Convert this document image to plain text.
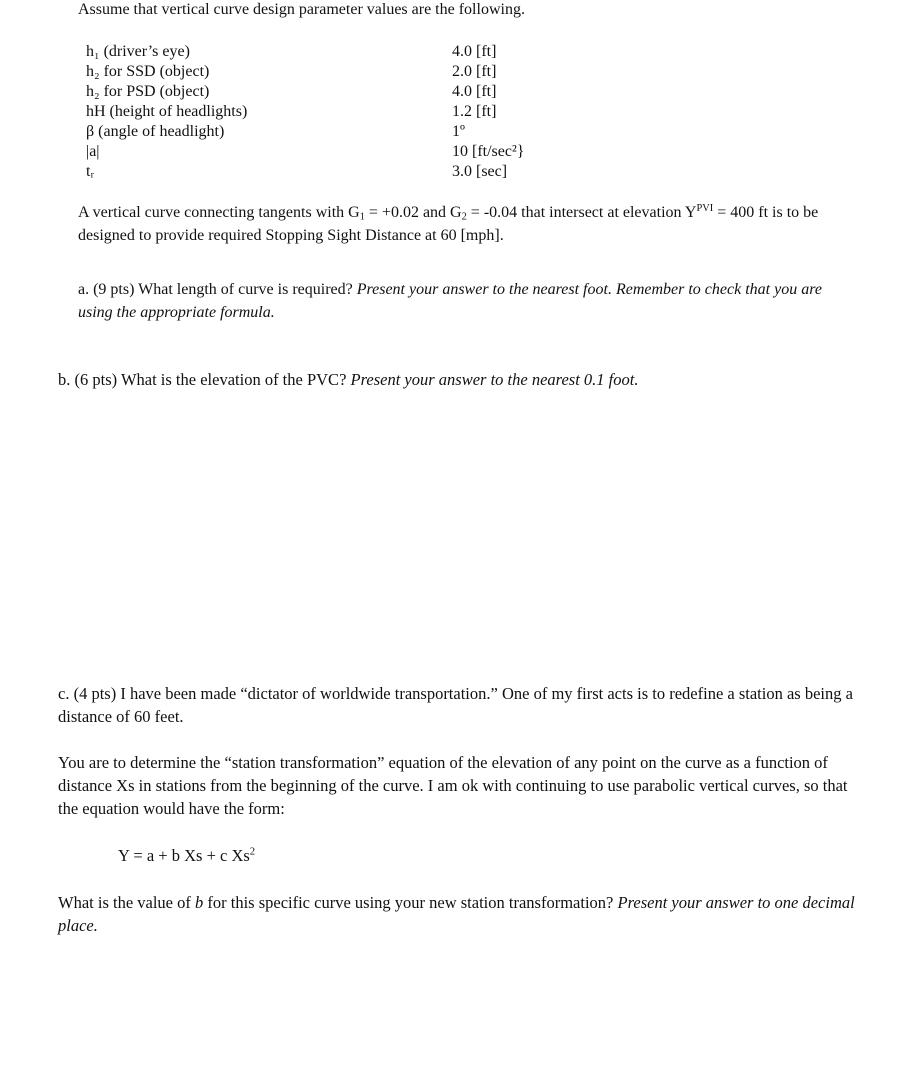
Assume that vertical curve design parameter values are the following.
h₁ (driver’s eye)	4.0 [ft]
h₂ for SSD (object)	2.0 [ft]
h₂ for PSD (object)	4.0 [ft]
hH (height of headlights)	1.2 [ft]
β (angle of headlight)	1º
|a|	10 [ft/sec²}
tᵣ	3.0 [sec]
A vertical curve connecting tangents with $G_1 = +0.02$ and $G_2 = -0.04$ that intersect at elevation $Y^{PVI} = 400$ ft is to be designed to provide required Stopping Sight Distance at 60 [mph].
a. (9 pts) What length of curve is required? Present your answer to the nearest foot. Remember to check that you are using the appropriate formula.
b. (6 pts) What is the elevation of the PVC? Present your answer to the nearest 0.1 foot.
c. (4 pts) I have been made “dictator of worldwide transportation.” One of my first acts is to redefine a station as being a distance of 60 feet.
You are to determine the “station transformation” equation of the elevation of any point on the curve as a function of distance Xs in stations from the beginning of the curve. I am ok with continuing to use parabolic vertical curves, so that the equation would have the form:
Y = a + b Xs + c Xs$^2$
What is the value of b for this specific curve using your new station transformation? Present your answer to one decimal place.
